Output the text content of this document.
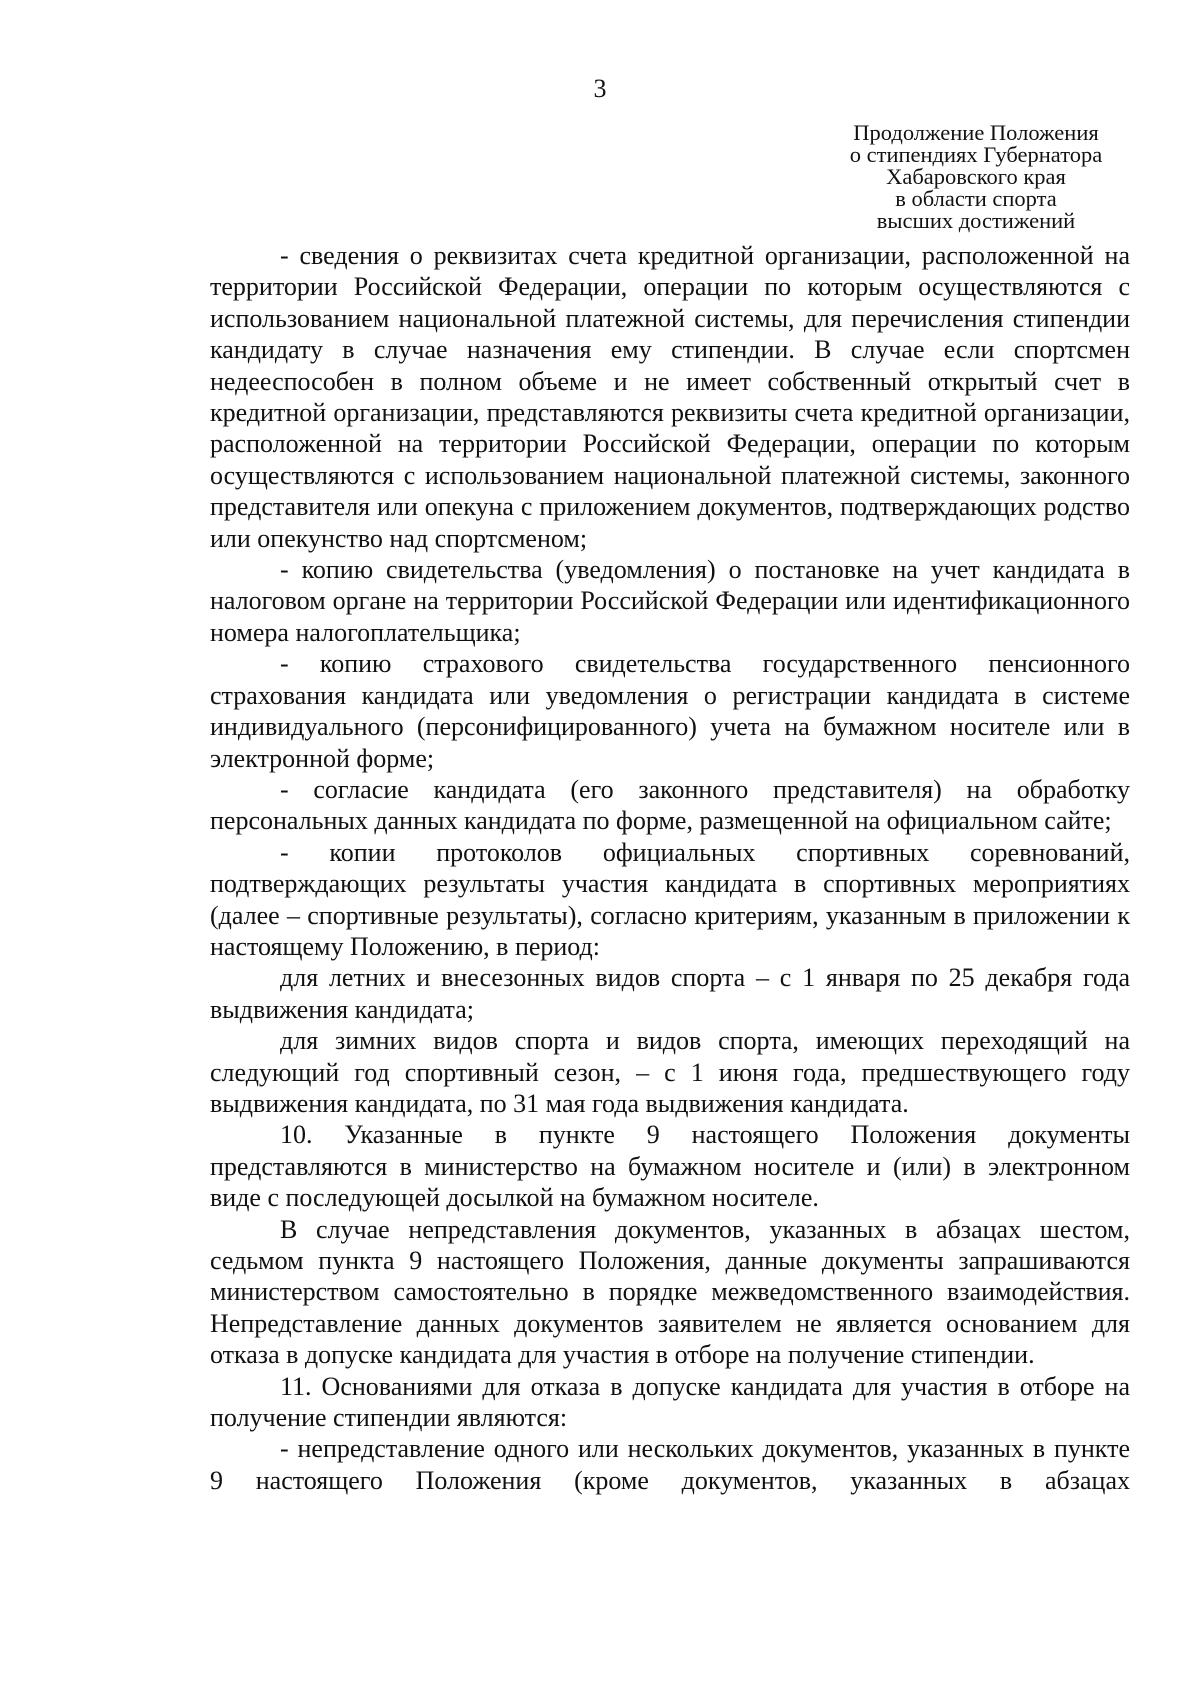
3
Продолжение Положения
о стипендиях Губернатора
Хабаровского края
в области спорта
высших достижений

- сведения о реквизитах счета кредитной организации, расположенной на территории Российской Федерации, операции по которым осуществляются с использованием национальной платежной системы, для перечисления стипендии кандидату в случае назначения ему стипендии. В случае если спортсмен недееспособен в полном объеме и не имеет собственный открытый счет в кредитной организации, представляются реквизиты счета кредитной организации, расположенной на территории Российской Федерации, операции по которым осуществляются с использованием национальной платежной системы, законного представителя или опекуна с приложением документов, подтверждающих родство или опекунство над спортсменом;

- копию свидетельства (уведомления) о постановке на учет кандидата в налоговом органе на территории Российской Федерации или идентификационного номера налогоплательщика;

- копию страхового свидетельства государственного пенсионного страхования кандидата или уведомления о регистрации кандидата в системе индивидуального (персонифицированного) учета на бумажном носителе или в электронной форме;

- согласие кандидата (его законного представителя) на обработку персональных данных кандидата по форме, размещенной на официальном сайте;

- копии протоколов официальных спортивных соревнований, подтверждающих результаты участия кандидата в спортивных мероприятиях (далее – спортивные результаты), согласно критериям, указанным в приложении к настоящему Положению, в период:

для летних и внесезонных видов спорта – с 1 января по 25 декабря года выдвижения кандидата;

для зимних видов спорта и видов спорта, имеющих переходящий на следующий год спортивный сезон, – с 1 июня года, предшествующего году выдвижения кандидата, по 31 мая года выдвижения кандидата.

10. Указанные в пункте 9 настоящего Положения документы представляются в министерство на бумажном носителе и (или) в электронном виде с последующей досылкой на бумажном носителе.

В случае непредставления документов, указанных в абзацах шестом, седьмом пункта 9 настоящего Положения, данные документы запрашиваются министерством самостоятельно в порядке межведомственного взаимодействия. Непредставление данных документов заявителем не является основанием для отказа в допуске кандидата для участия в отборе на получение стипендии.

11. Основаниями для отказа в допуске кандидата для участия в отборе на получение стипендии являются:

- непредставление одного или нескольких документов, указанных в пункте 9 настоящего Положения (кроме документов, указанных в абзацах
